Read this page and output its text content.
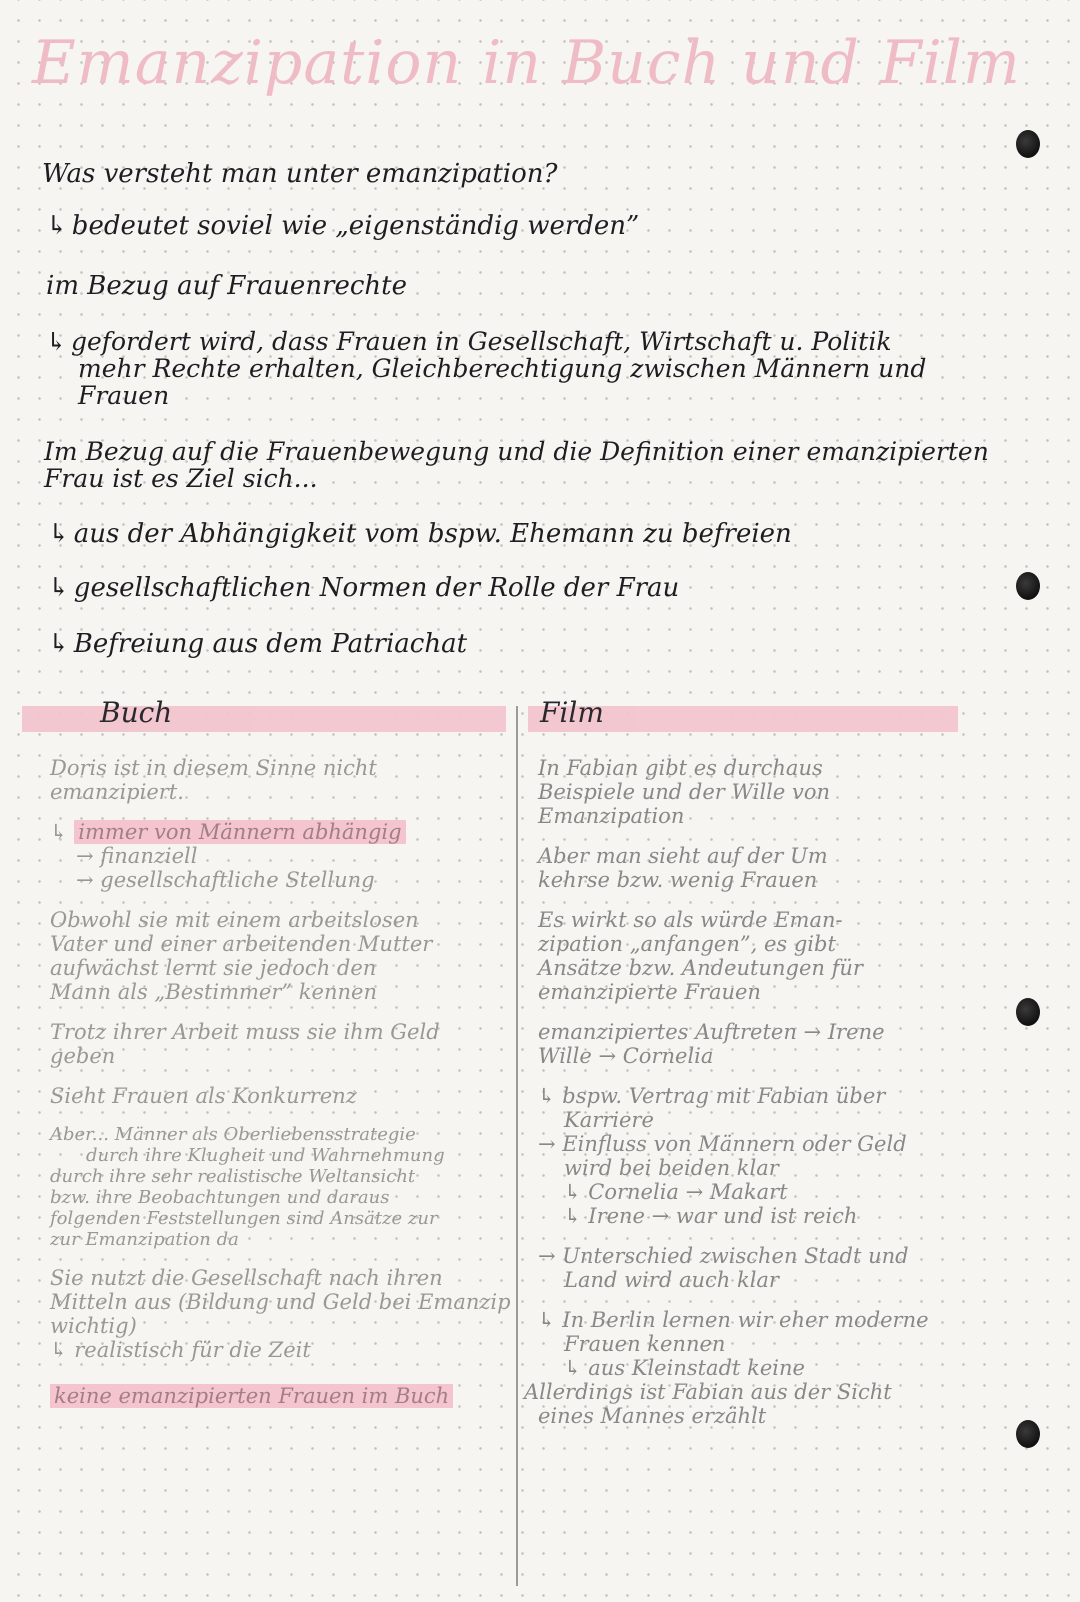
Emanzipation in Buch und Film
Was versteht man unter emanzipation?
↳ bedeutet soviel wie „eigenständig werden”
im Bezug auf Frauenrechte
↳ gefordert wird, dass Frauen in Gesellschaft, Wirtschaft u. Politik
mehr Rechte erhalten, Gleichberechtigung zwischen Männern und
Frauen
Im Bezug auf die Frauenbewegung und die Definition einer emanzipierten
Frau ist es Ziel sich...
↳ aus der Abhängigkeit vom bspw. Ehemann zu befreien
↳ gesellschaftlichen Normen der Rolle der Frau
↳ Befreiung aus dem Patriachat
Buch	Film
Doris ist in diesem Sinne nicht
emanzipiert.
↳ immer von Männern abhängig
→ finanziell
→ gesellschaftliche Stellung
Obwohl sie mit einem arbeitslosen
Vater und einer arbeitenden Mutter
aufwächst lernt sie jedoch den
Mann als „Bestimmer” kennen
Trotz ihrer Arbeit muss sie ihm Geld
geben
Sieht Frauen als Konkurrenz
Aber... Männer als Oberliebensstrategie
durch ihre Klugheit und Wahrnehmung
durch ihre sehr realistische Weltansicht
bzw. ihre Beobachtungen und daraus
folgenden Feststellungen sind Ansätze zur
zur Emanzipation da
Sie nutzt die Gesellschaft nach ihren
Mitteln aus (Bildung und Geld bei Emanzip
wichtig)
↳ realistisch für die Zeit
keine emanzipierten Frauen im Buch
In Fabian gibt es durchaus
Beispiele und der Wille von
Emanzipation
Aber man sieht auf der Um
kehrse bzw. wenig Frauen
Es wirkt so als würde Eman-
zipation „anfangen”, es gibt
Ansätze bzw. Andeutungen für
emanzipierte Frauen
emanzipiertes Auftreten → Irene
Wille → Cornelia
↳ bspw. Vertrag mit Fabian über
Karriere
→ Einfluss von Männern oder Geld
wird bei beiden klar
↳ Cornelia → Makart
↳ Irene → war und ist reich
→ Unterschied zwischen Stadt und
Land wird auch klar
↳ In Berlin lernen wir eher moderne
Frauen kennen
↳ aus Kleinstadt keine
Allerdings ist Fabian aus der Sicht
eines Mannes erzählt
